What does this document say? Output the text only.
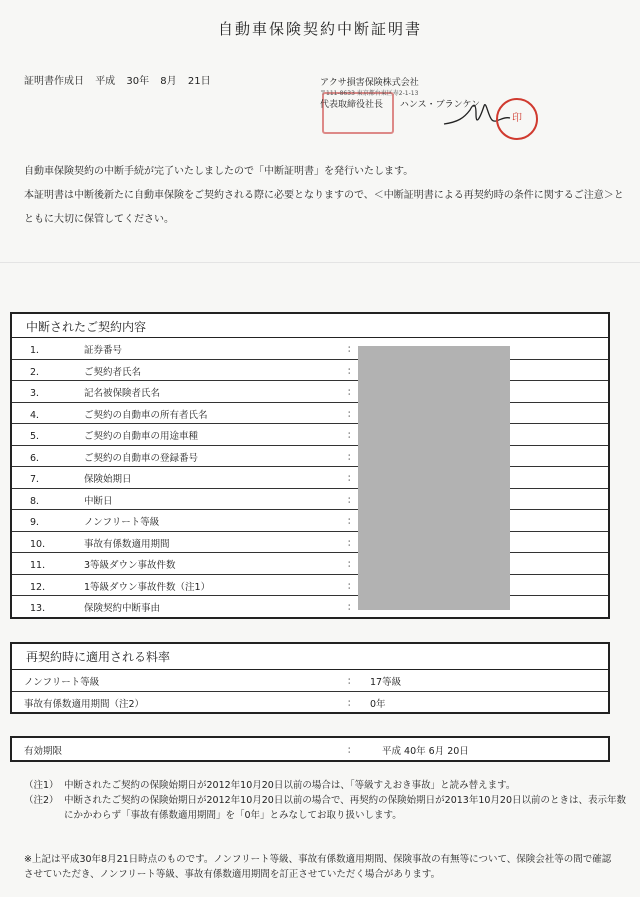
自動車保険契約中断証明書
証明書作成日 平成 30年 8月 21日	アクサ損害保険株式会社
〒111-8633 東京都台東区寿2-1-13
代表取締役社長 ハンス・ブランケン
印
自動車保険契約の中断手続が完了いたしましたので「中断証明書」を発行いたします。
本証明書は中断後新たに自動車保険をご契約される際に必要となりますので、＜中断証明書による再契約時の条件に関するご注意＞とともに大切に保管してください。
中断されたご契約内容
1．	証券番号	：
2．	ご契約者氏名	：
3．	記名被保険者氏名	：
4．	ご契約の自動車の所有者氏名	：
5．	ご契約の自動車の用途車種	：
6．	ご契約の自動車の登録番号	：
7．	保険始期日	：
8．	中断日	：
9．	ノンフリート等級	：
10．	事故有係数適用期間	：
11．	3等級ダウン事故件数	：
12．	1等級ダウン事故件数（注1）	：
13．	保険契約中断事由	：
再契約時に適用される料率
ノンフリート等級	： 17等級
事故有係数適用期間（注2）	： 0年
有効期限	：	平成 40年 6月 20日
（注1） 中断されたご契約の保険始期日が2012年10月20日以前の場合は、「等級すえおき事故」と読み替えます。
（注2） 中断されたご契約の保険始期日が2012年10月20日以前の場合で、再契約の保険始期日が2013年10月20日以前のときは、表示年数にかかわらず「事故有係数適用期間」を「0年」とみなしてお取り扱いします。
※上記は平成30年8月21日時点のものです。ノンフリート等級、事故有係数適用期間、保険事故の有無等について、保険会社等の間で確認させていただき、ノンフリート等級、事故有係数適用期間を訂正させていただく場合があります。
